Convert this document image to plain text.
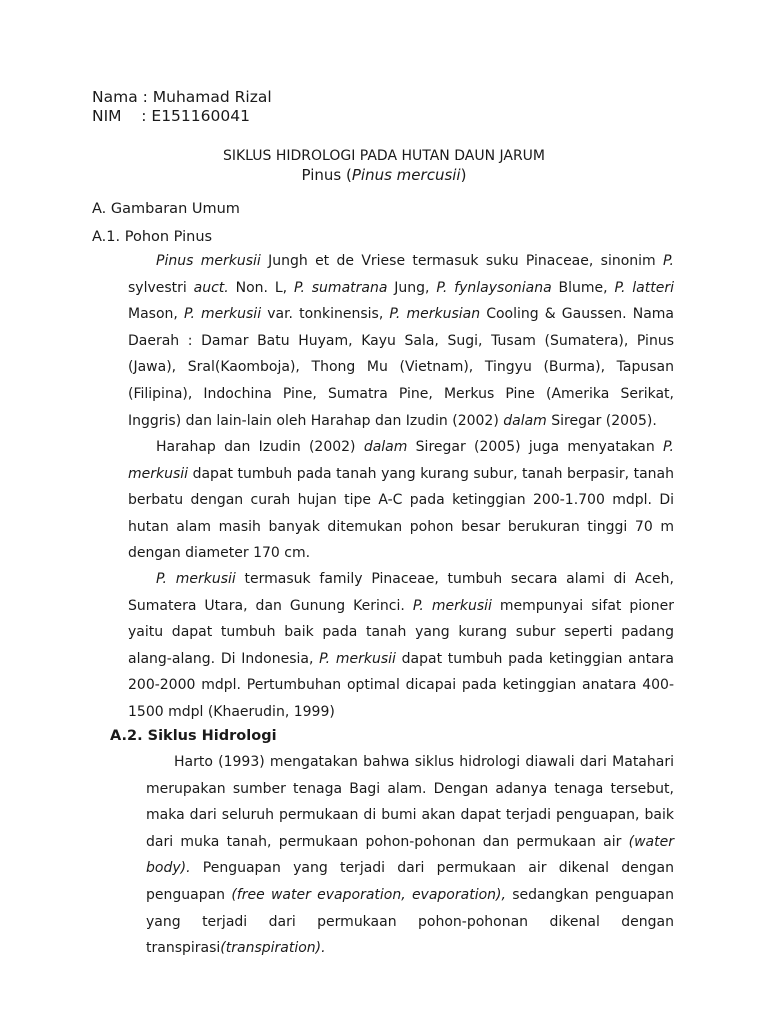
Nama : Muhamad Rizal
NIM    : E151160041
SIKLUS HIDROLOGI PADA HUTAN DAUN JARUM
Pinus (Pinus mercusii)
A. Gambaran Umum
A.1. Pohon Pinus
Pinus merkusii Jungh et de Vriese termasuk suku Pinaceae, sinonim P. sylvestri auct. Non. L, P. sumatrana Jung, P. fynlaysoniana Blume, P. latteri Mason, P. merkusii var. tonkinensis, P. merkusian Cooling & Gaussen. Nama Daerah : Damar Batu Huyam, Kayu Sala, Sugi, Tusam (Sumatera), Pinus (Jawa), Sral(Kaomboja), Thong Mu (Vietnam), Tingyu (Burma), Tapusan (Filipina), Indochina Pine, Sumatra Pine, Merkus Pine (Amerika Serikat, Inggris) dan lain-lain oleh Harahap dan Izudin (2002) dalam Siregar (2005).
Harahap dan Izudin (2002) dalam Siregar (2005) juga menyatakan P. merkusii dapat tumbuh pada tanah yang kurang subur, tanah berpasir, tanah berbatu dengan curah hujan tipe A-C pada ketinggian 200-1.700 mdpl. Di hutan alam masih banyak ditemukan pohon besar berukuran tinggi 70 m dengan diameter 170 cm.
P. merkusii termasuk family Pinaceae, tumbuh secara alami di Aceh, Sumatera Utara, dan Gunung Kerinci. P. merkusii mempunyai sifat pioner yaitu dapat tumbuh baik pada tanah yang kurang subur seperti padang alang-alang. Di Indonesia, P. merkusii dapat tumbuh pada ketinggian antara 200-2000 mdpl. Pertumbuhan optimal dicapai pada ketinggian anatara 400-1500 mdpl (Khaerudin, 1999)
A.2. Siklus Hidrologi
Harto (1993) mengatakan bahwa siklus hidrologi diawali dari Matahari merupakan sumber tenaga Bagi alam. Dengan adanya tenaga tersebut, maka dari seluruh permukaan di bumi akan dapat terjadi penguapan, baik dari muka tanah, permukaan pohon-pohonan dan permukaan air (water body). Penguapan yang terjadi dari permukaan air dikenal dengan penguapan (free water evaporation, evaporation), sedangkan penguapan yang terjadi dari permukaan pohon-pohonan dikenal dengan transpirasi(transpiration).
